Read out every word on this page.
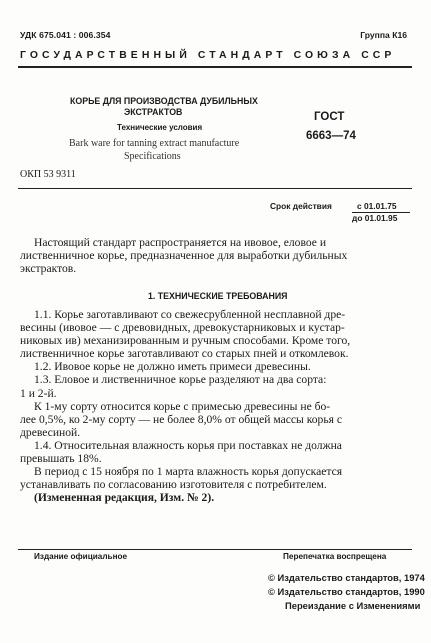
УДК 675.041 : 006.354	Группа К16
ГОСУДАРСТВЕННЫЙ СТАНДАРТ СОЮЗА ССР
КОРЬЕ ДЛЯ ПРОИЗВОДСТВА ДУБИЛЬНЫХ
ЭКСТРАКТОВ
Технические условия
Bark ware for tanning extract manufacture
Specifications
ГОСТ
6663—74
ОКП 53 9311
Срок действия	с 01.01.75
до 01.01.95
Настоящий стандарт распространяется на ивовое, еловое и
лиственничное корье, предназначенное для выработки дубильных
экстрактов.
1. ТЕХНИЧЕСКИЕ ТРЕБОВАНИЯ
1.1. Корье заготавливают со свежесрубленной несплавной дре-
весины (ивовое — с древовидных, древокустарниковых и кустар-
никовых ив) механизированным и ручным способами. Кроме того,
лиственничное корье заготавливают со старых пней и откомлевок.
1.2. Ивовое корье не должно иметь примеси древесины.
1.3. Еловое и лиственничное корье разделяют на два сорта:
1 и 2-й.
К 1-му сорту относится корье с примесью древесины не бо-
лее 0,5%, ко 2-му сорту — не более 8,0% от общей массы корья с
древесиной.
1.4. Относительная влажность корья при поставках не должна
превышать 18%.
В период с 15 ноября по 1 марта влажность корья допускается
устанавливать по согласованию изготовителя с потребителем.
(Измененная редакция, Изм. № 2).
Издание официальное	Перепечатка воспрещена
© Издательство стандартов, 1974
© Издательство стандартов, 1990
Переиздание с Изменениями
